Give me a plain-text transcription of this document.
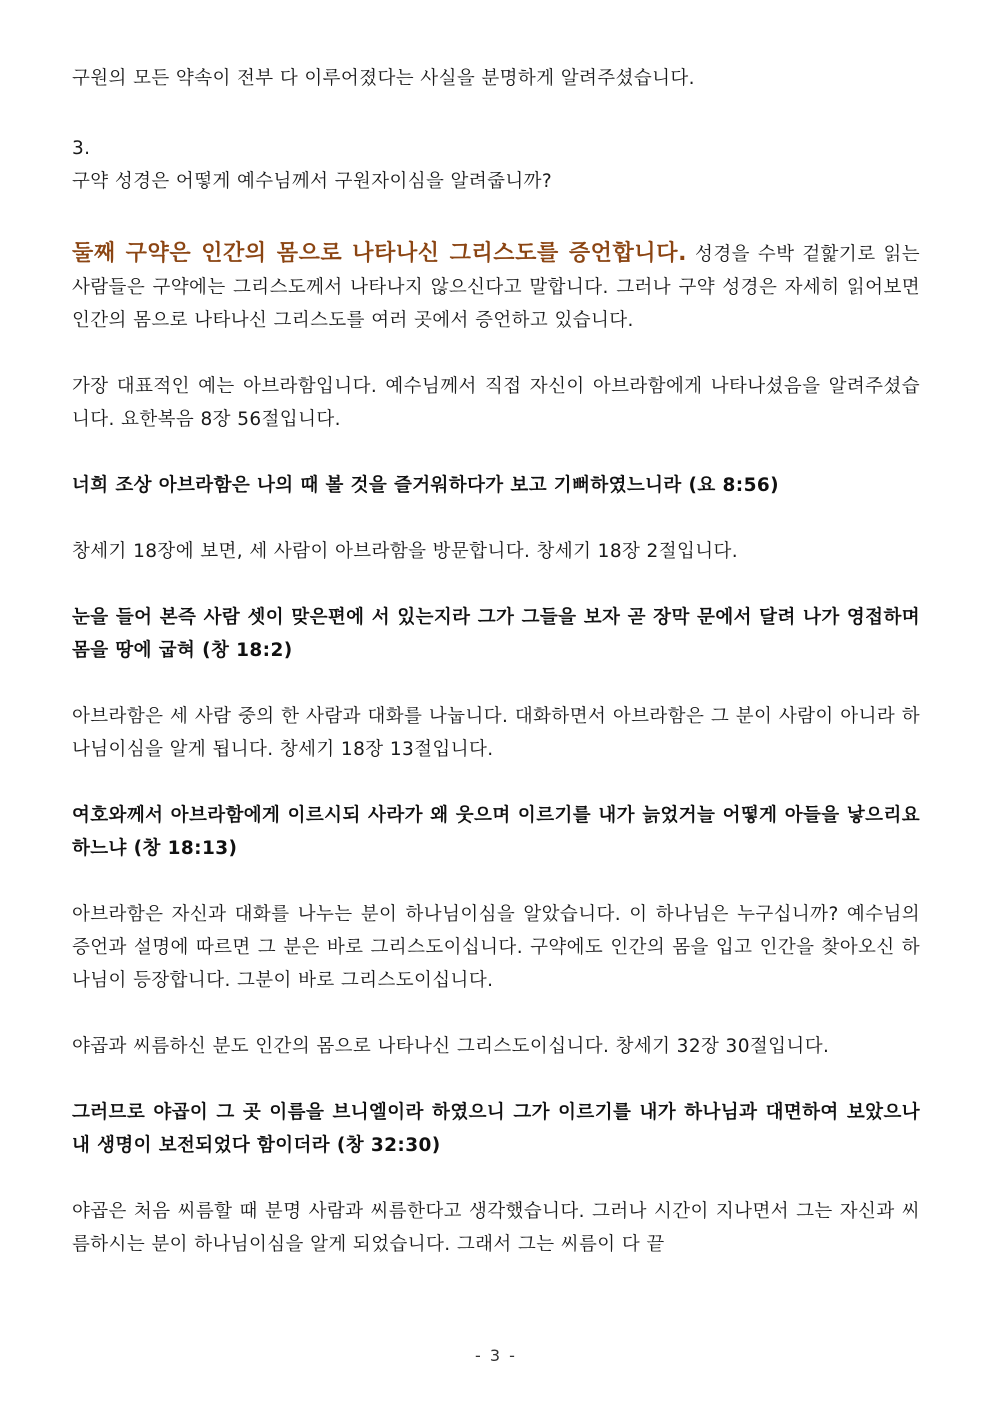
구원의 모든 약속이 전부 다 이루어졌다는 사실을 분명하게 알려주셨습니다.

3.

구약 성경은 어떻게 예수님께서 구원자이심을 알려줍니까?

둘째 구약은 인간의 몸으로 나타나신 그리스도를 증언합니다. 성경을 수박 겉핥기로 읽는 사람들은 구약에는 그리스도께서 나타나지 않으신다고 말합니다. 그러나 구약 성경은 자세히 읽어보면 인간의 몸으로 나타나신 그리스도를 여러 곳에서 증언하고 있습니다.

가장 대표적인 예는 아브라함입니다. 예수님께서 직접 자신이 아브라함에게 나타나셨음을 알려주셨습니다. 요한복음 8장 56절입니다.

너희 조상 아브라함은 나의 때 볼 것을 즐거워하다가 보고 기뻐하였느니라 (요 8:56)

창세기 18장에 보면, 세 사람이 아브라함을 방문합니다. 창세기 18장 2절입니다.

눈을 들어 본즉 사람 셋이 맞은편에 서 있는지라 그가 그들을 보자 곧 장막 문에서 달려 나가 영접하며 몸을 땅에 굽혀 (창 18:2)

아브라함은 세 사람 중의 한 사람과 대화를 나눕니다. 대화하면서 아브라함은 그 분이 사람이 아니라 하나님이심을 알게 됩니다. 창세기 18장 13절입니다.

여호와께서 아브라함에게 이르시되 사라가 왜 웃으며 이르기를 내가 늙었거늘 어떻게 아들을 낳으리요 하느냐 (창 18:13)

아브라함은 자신과 대화를 나누는 분이 하나님이심을 알았습니다. 이 하나님은 누구십니까? 예수님의 증언과 설명에 따르면 그 분은 바로 그리스도이십니다. 구약에도 인간의 몸을 입고 인간을 찾아오신 하나님이 등장합니다. 그분이 바로 그리스도이십니다.

야곱과 씨름하신 분도 인간의 몸으로 나타나신 그리스도이십니다. 창세기 32장 30절입니다.

그러므로 야곱이 그 곳 이름을 브니엘이라 하였으니 그가 이르기를 내가 하나님과 대면하여 보았으나 내 생명이 보전되었다 함이더라 (창 32:30)

야곱은 처음 씨름할 때 분명 사람과 씨름한다고 생각했습니다. 그러나 시간이 지나면서 그는 자신과 씨름하시는 분이 하나님이심을 알게 되었습니다. 그래서 그는 씨름이 다 끝

- 3 -
